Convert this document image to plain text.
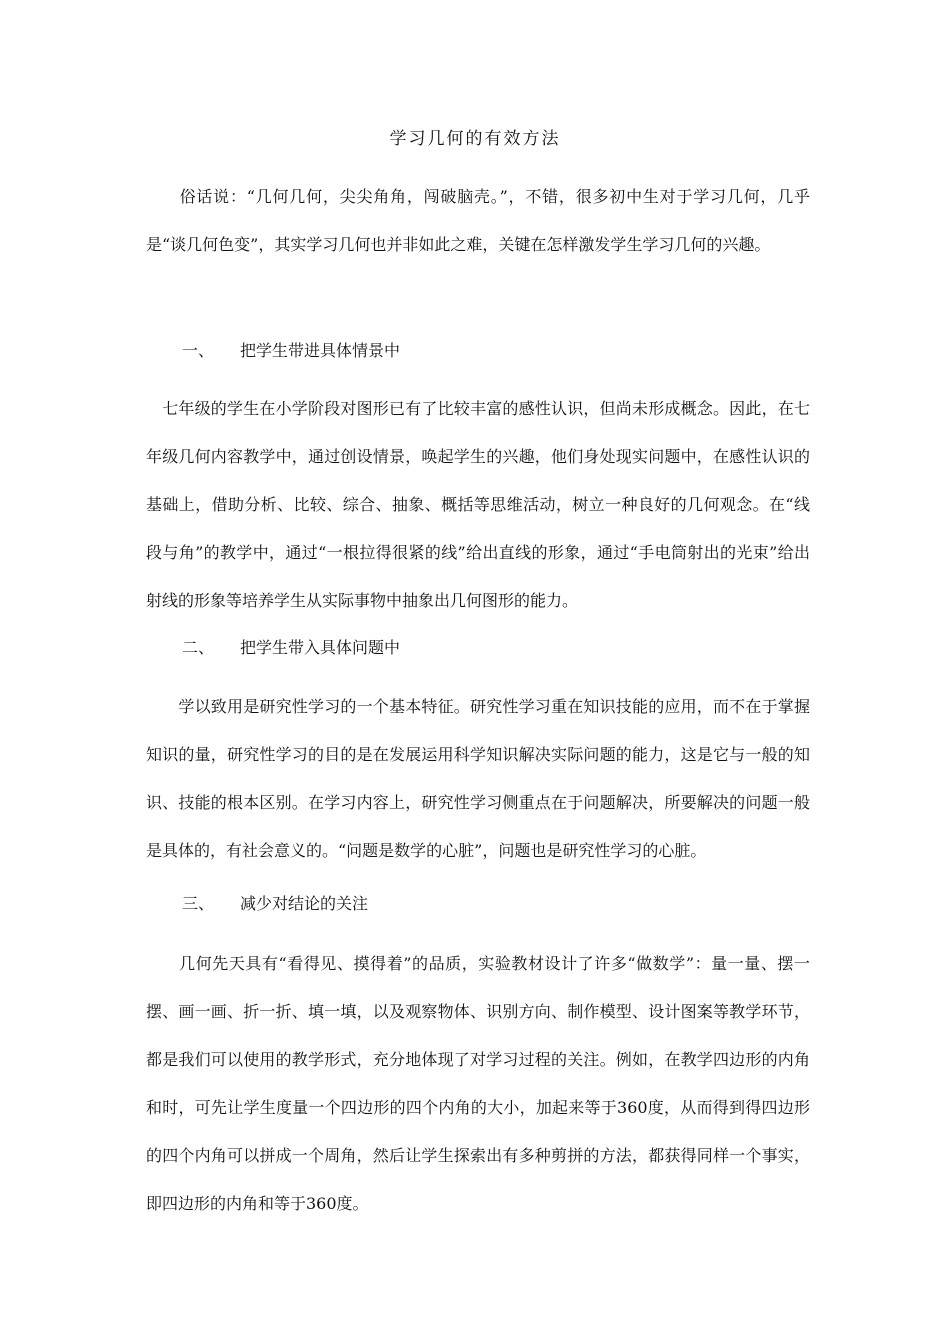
学习几何的有效方法

　　俗话说：“几何几何，尖尖角角，闯破脑壳。”，不错，很多初中生对于学习几何，几乎是“谈几何色变”，其实学习几何也并非如此之难，关键在怎样激发学生学习几何的兴趣。

一、 把学生带进具体情景中

　七年级的学生在小学阶段对图形已有了比较丰富的感性认识，但尚未形成概念。因此，在七年级几何内容教学中，通过创设情景，唤起学生的兴趣，他们身处现实问题中，在感性认识的基础上，借助分析、比较、综合、抽象、概括等思维活动，树立一种良好的几何观念。在“线段与角”的教学中，通过“一根拉得很紧的线”给出直线的形象，通过“手电筒射出的光束”给出射线的形象等培养学生从实际事物中抽象出几何图形的能力。

二、 把学生带入具体问题中

　　学以致用是研究性学习的一个基本特征。研究性学习重在知识技能的应用，而不在于掌握知识的量，研究性学习的目的是在发展运用科学知识解决实际问题的能力，这是它与一般的知识、技能的根本区别。在学习内容上，研究性学习侧重点在于问题解决，所要解决的问题一般是具体的，有社会意义的。“问题是数学的心脏”，问题也是研究性学习的心脏。

三、 减少对结论的关注

　　几何先天具有“看得见、摸得着”的品质，实验教材设计了许多“做数学”：量一量、摆一摆、画一画、折一折、填一填，以及观察物体、识别方向、制作模型、设计图案等教学环节，都是我们可以使用的教学形式，充分地体现了对学习过程的关注。例如，在教学四边形的内角和时，可先让学生度量一个四边形的四个内角的大小，加起来等于360度，从而得到得四边形的四个内角可以拼成一个周角，然后让学生探索出有多种剪拼的方法，都获得同样一个事实，即四边形的内角和等于360度。
